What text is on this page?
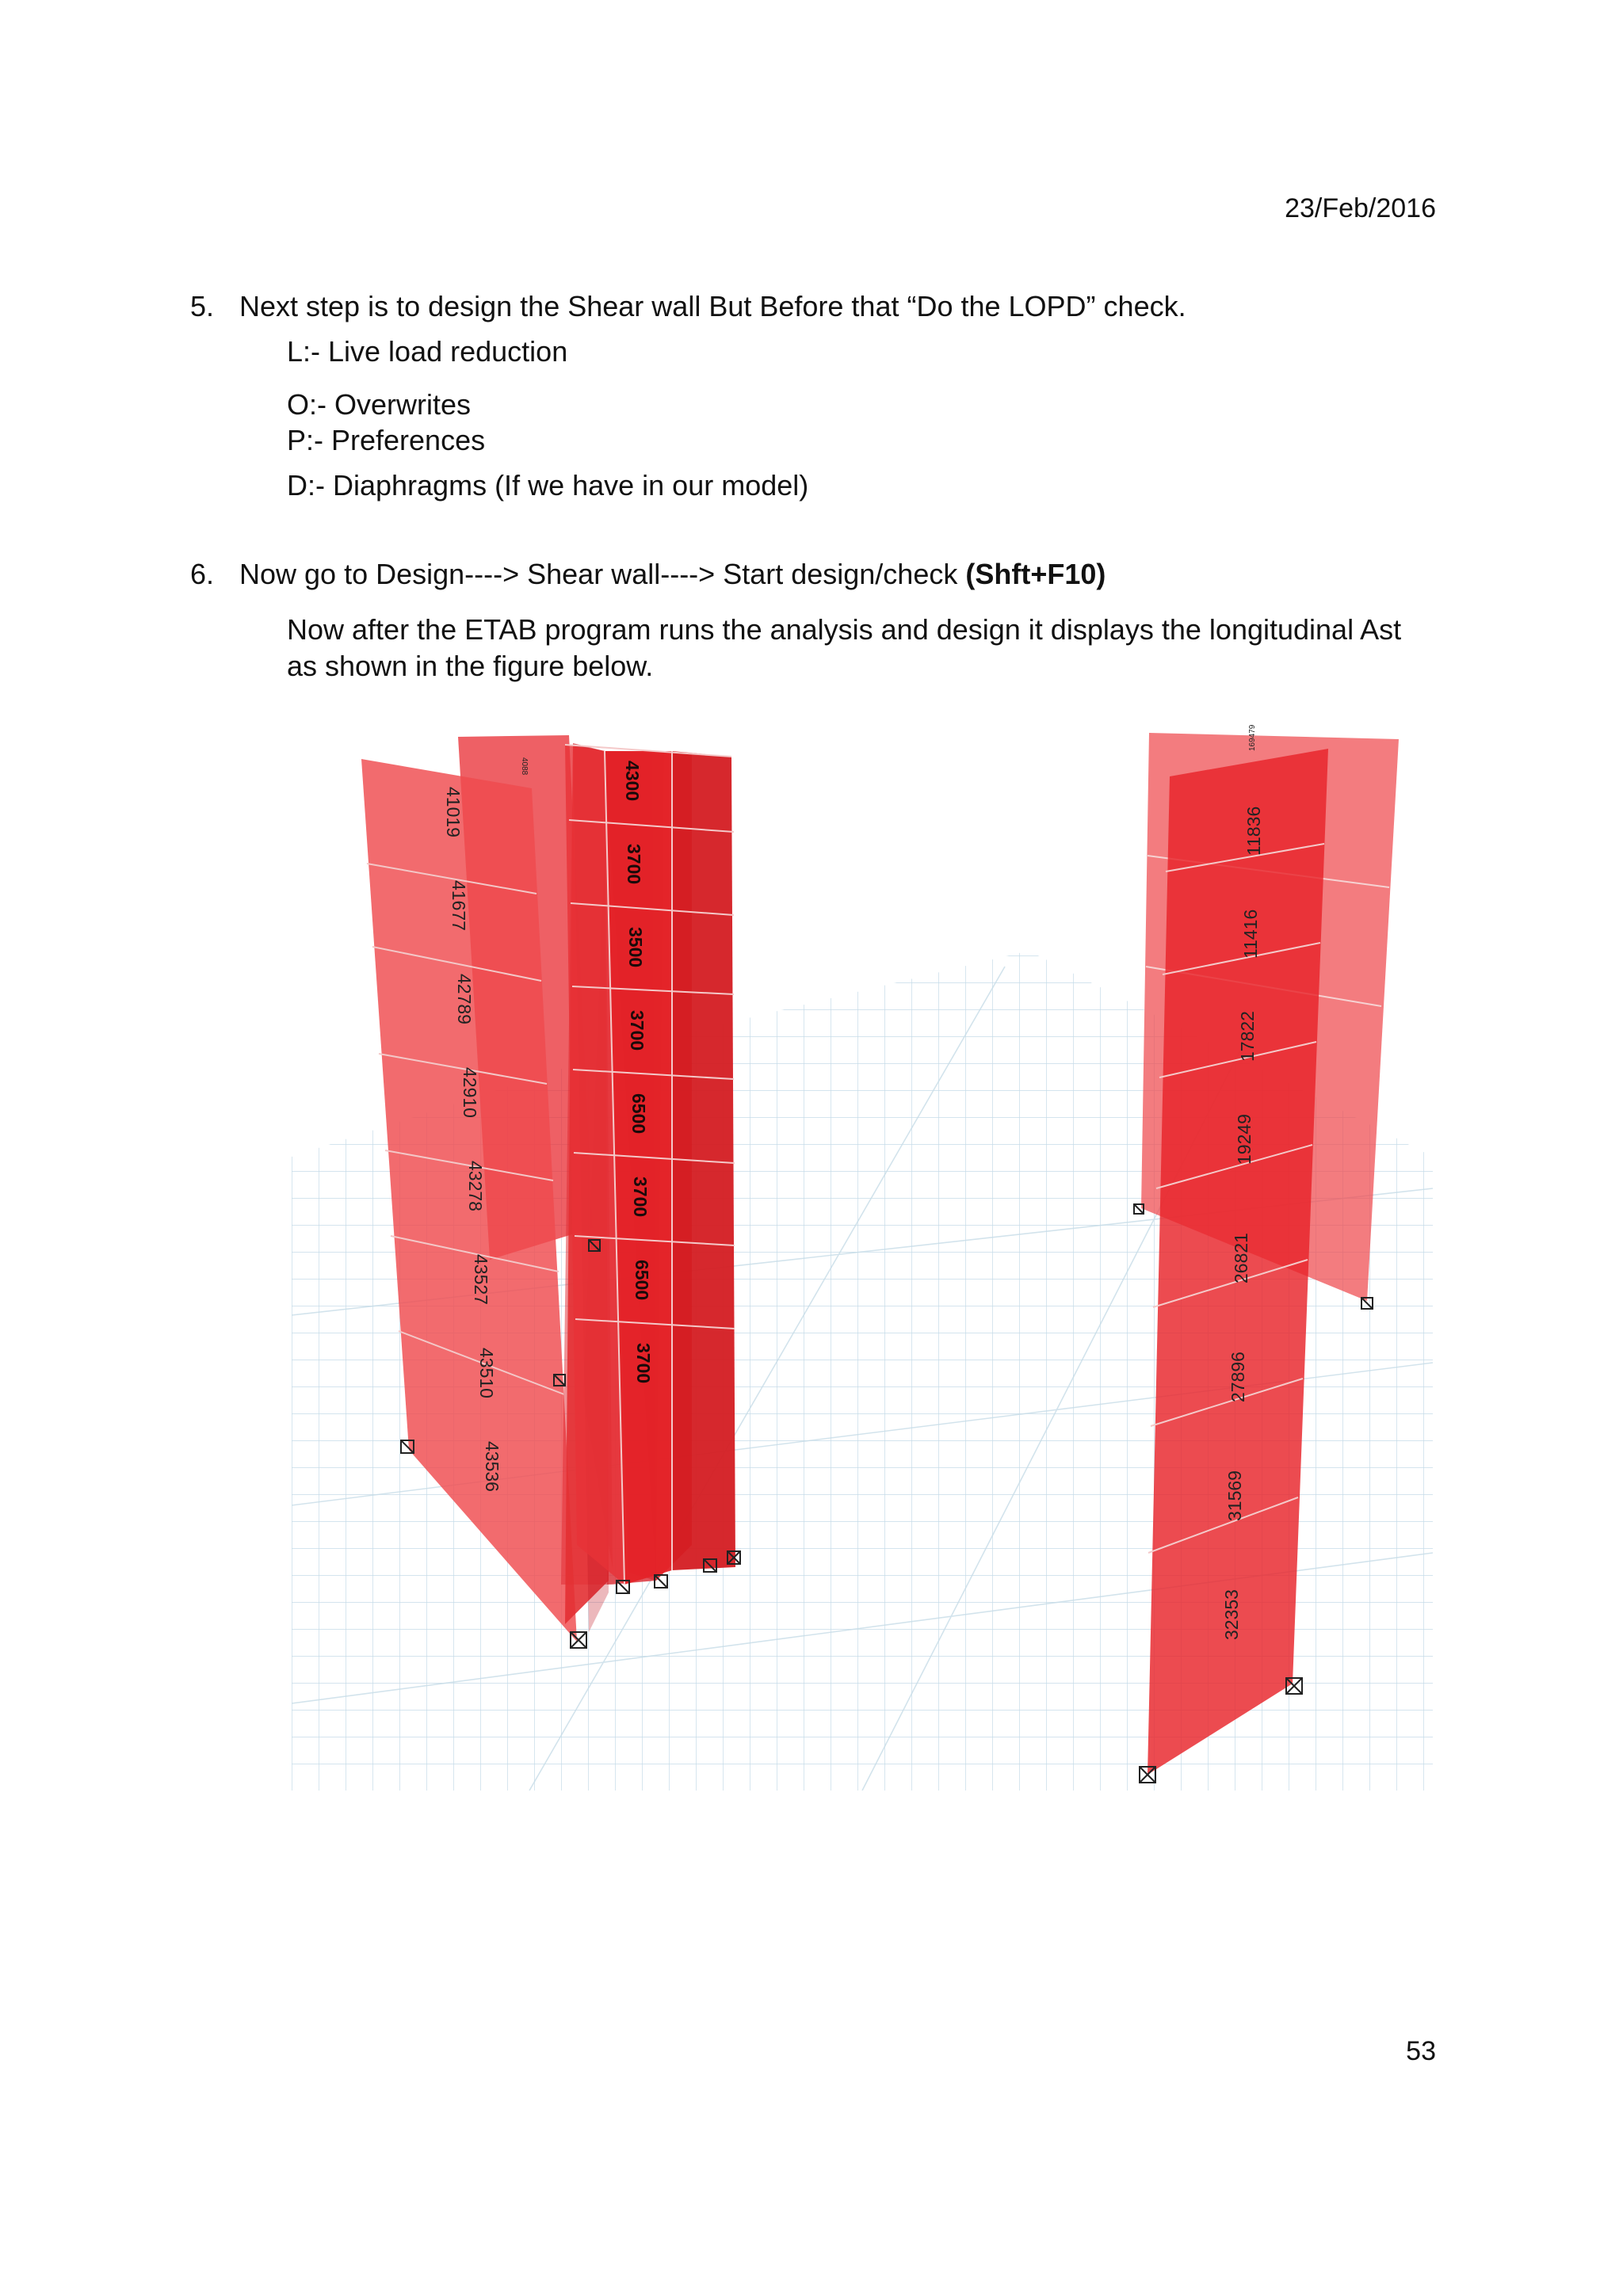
23/Feb/2016
5. Next step is to design the Shear wall But Before that “Do the LOPD” check.
L:- Live load reduction
O:- Overwrites
P:- Preferences
D:- Diaphragms (If we have in our model)
6. Now go to Design----> Shear wall----> Start design/check (Shft+F10)
Now after the ETAB program runs the analysis and design it displays the longitudinal Ast
as shown in the figure below.
4088
41019
41677
42789
42910
43278
43527
43510
43536
4300
3700
3500
3700
6500
3700
6500
3700
169479
11836
11416
17822
19249
26821
27896
31569
32353
53
